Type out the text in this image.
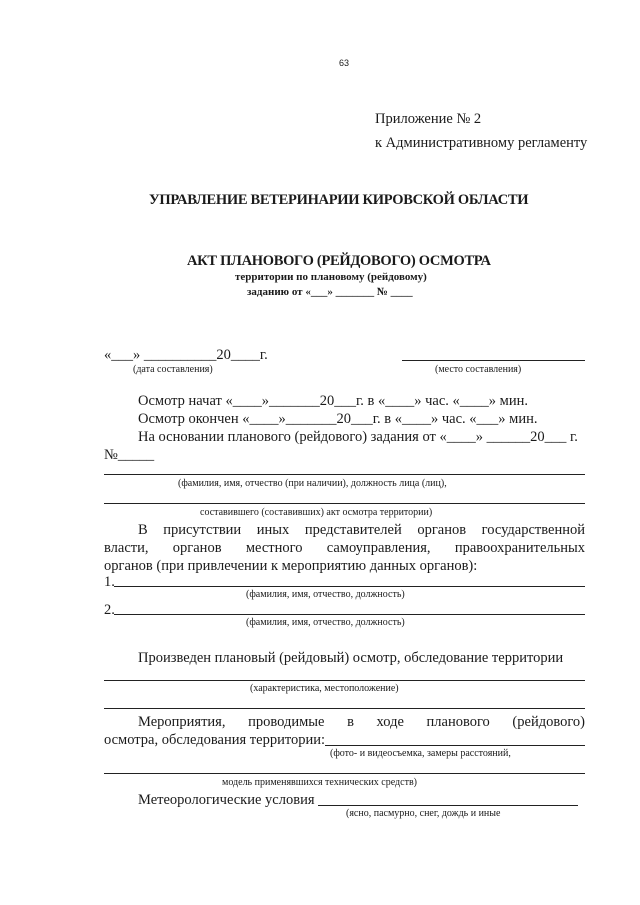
63
Приложение № 2
к Административному регламенту
УПРАВЛЕНИЕ ВЕТЕРИНАРИИ КИРОВСКОЙ ОБЛАСТИ
АКТ ПЛАНОВОГО (РЕЙДОВОГО) ОСМОТРА
территории по плановому (рейдовому)
заданию от «___» _______ № ____
«___» __________20____г.
(дата составления)	(место составления)
Осмотр начат «____»_______20___г. в «____» час. «____» мин.
Осмотр окончен «____»_______20___г. в «____» час. «___» мин.
На основании планового (рейдового) задания от «____» ______20___ г.
№_____
(фамилия, имя, отчество (при наличии), должность лица (лиц),
составившего (составивших) акт осмотра территории)
В присутствии иных представителей органов государственной
власти, органов местного самоуправления, правоохранительных
органов (при привлечении к мероприятию данных органов):
1.
(фамилия, имя, отчество, должность)
2.
(фамилия, имя, отчество, должность)
Произведен плановый (рейдовый) осмотр, обследование территории
(характеристика, местоположение)
Мероприятия, проводимые в ходе планового (рейдового)
осмотра, обследования территории:
(фото- и видеосъемка, замеры расстояний,
модель применявшихся технических средств)
Метеорологические условия
(ясно, пасмурно, снег, дождь и иные
